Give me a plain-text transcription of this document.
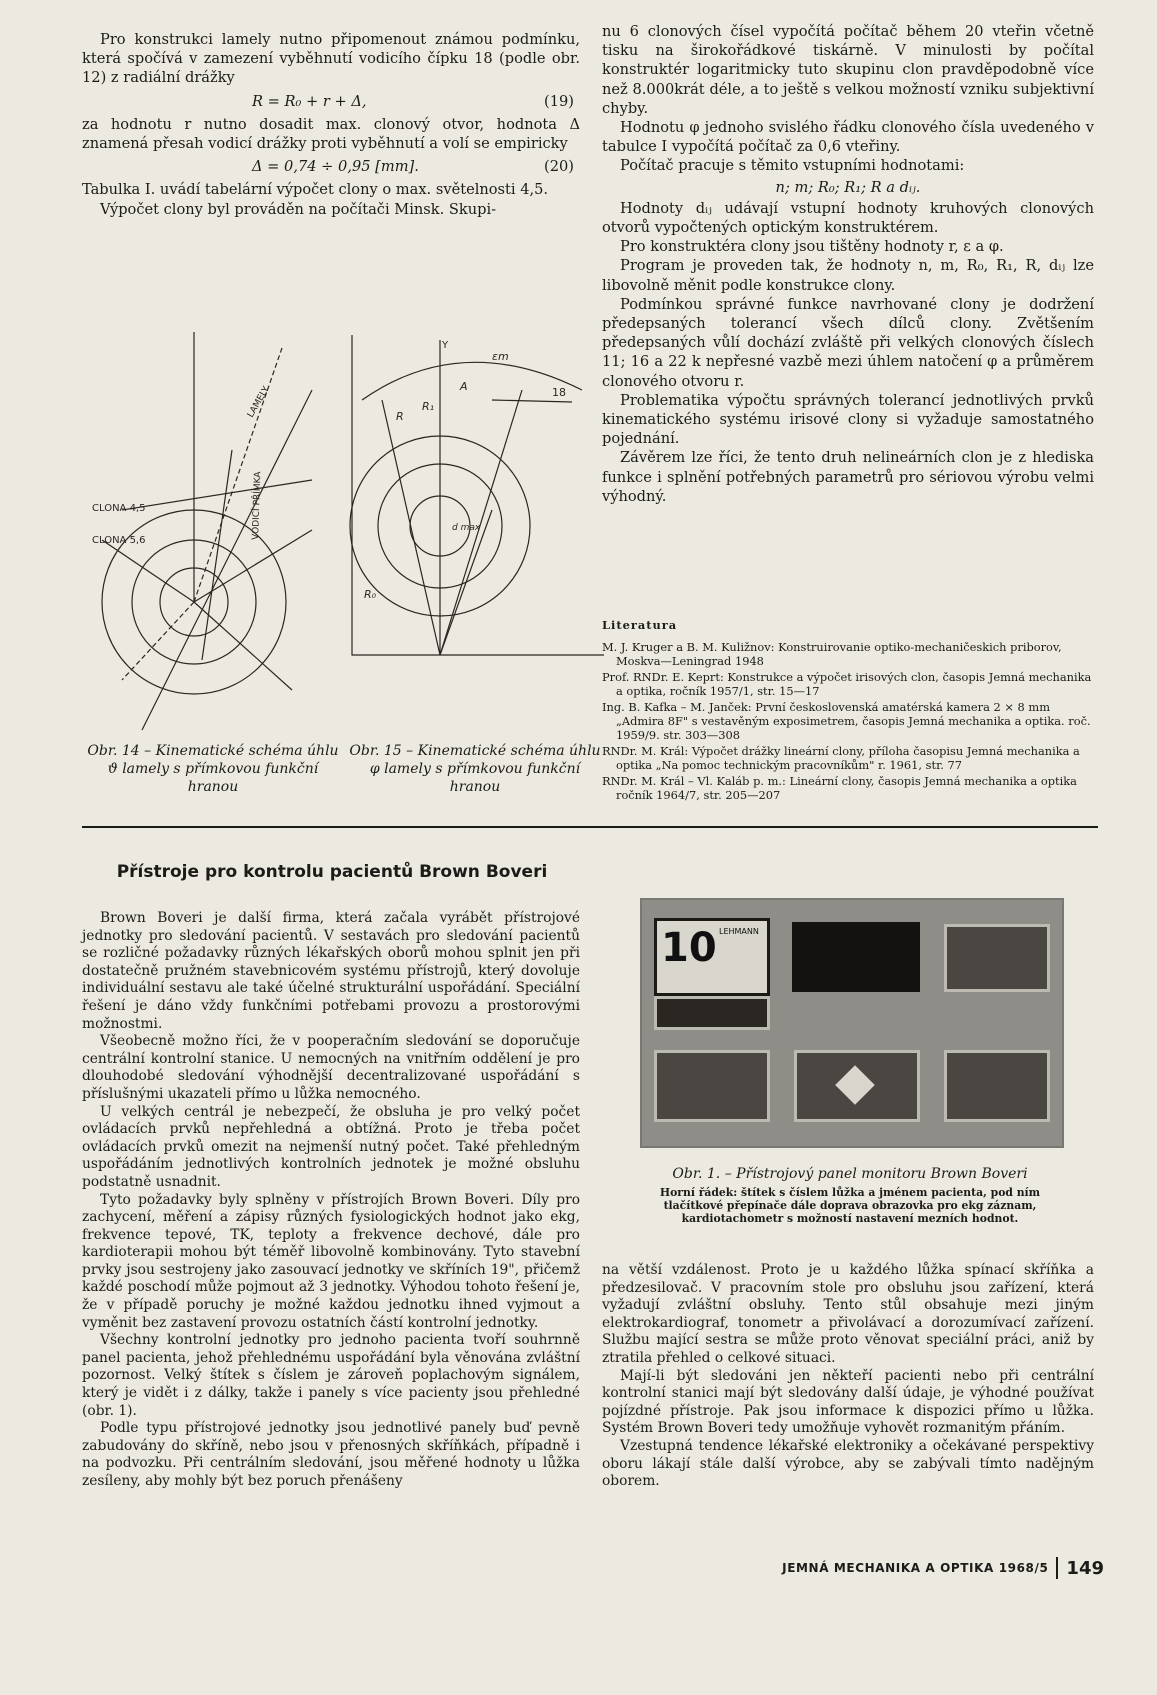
Pro konstrukci lamely nutno připomenout známou podmínku, která spočívá v zamezení vyběhnutí vodicího čípku 18 (podle obr. 12) z radiální drážky

R = R₀ + r + Δ,	(19)

za hodnotu r nutno dosadit max. clonový otvor, hodnota Δ znamená přesah vodicí drážky proti vyběhnutí a volí se empiricky

Δ = 0,74 ÷ 0,95 [mm].	(20)

Tabulka I. uvádí tabelární výpočet clony o max. světelnosti 4,5.

Výpočet clony byl prováděn na počítači Minsk. Skupi-

CLONA 4,5
CLONA 5,6
VODICÍ PŘÍMKA
LAMELY
Y
18
εm
R₀
R
R₁
A
d max
Obr. 14 – Kinematické schéma úhlu ϑ lamely s přímkovou funkční hranou
Obr. 15 – Kinematické schéma úhlu φ lamely s přímkovou funkční hranou

nu 6 clonových čísel vypočítá počítač během 20 vteřin včetně tisku na širokořádkové tiskárně. V minulosti by počítal konstruktér logaritmicky tuto skupinu clon pravděpodobně více než 8.000krát déle, a to ještě s velkou možností vzniku subjektivní chyby.

Hodnotu φ jednoho svislého řádku clonového čísla uvedeného v tabulce I vypočítá počítač za 0,6 vteřiny.

Počítač pracuje s těmito vstupními hodnotami:

n; m; R₀; R₁; R a dᵢⱼ.

Hodnoty dᵢⱼ udávají vstupní hodnoty kruhových clonových otvorů vypočtených optickým konstruktérem.

Pro konstruktéra clony jsou tištěny hodnoty r, ε a φ.

Program je proveden tak, že hodnoty n, m, R₀, R₁, R, dᵢⱼ lze libovolně měnit podle konstrukce clony.

Podmínkou správné funkce navrhované clony je dodržení předepsaných tolerancí všech dílců clony. Zvětšením předepsaných vůlí dochází zvláště při velkých clonových číslech 11; 16 a 22 k nepřesné vazbě mezi úhlem natočení φ a průměrem clonového otvoru r.

Problematika výpočtu správných tolerancí jednotlivých prvků kinematického systému irisové clony si vyžaduje samostatného pojednání.

Závěrem lze říci, že tento druh nelineárních clon je z hlediska funkce i splnění potřebných parametrů pro sériovou výrobu velmi výhodný.

Literatura

M. J. Kruger a B. M. Kuližnov: Konstruirovanie optiko-mechaničeskich priborov, Moskva—Leningrad 1948

Prof. RNDr. E. Keprt: Konstrukce a výpočet irisových clon, časopis Jemná mechanika a optika, ročník 1957/1, str. 15—17

Ing. B. Kafka – M. Janček: První československá amatérská kamera 2 × 8 mm „Admira 8F" s vestavěným exposimetrem, časopis Jemná mechanika a optika. roč. 1959/9. str. 303—308

RNDr. M. Král: Výpočet drážky lineární clony, příloha časopisu Jemná mechanika a optika „Na pomoc technickým pracovníkům" r. 1961, str. 77

RNDr. M. Král – Vl. Kaláb p. m.: Lineární clony, časopis Jemná mechanika a optika ročník 1964/7, str. 205—207

Přístroje pro kontrolu pacientů Brown Boveri

Brown Boveri je další firma, která začala vyrábět přístrojové jednotky pro sledování pacientů. V sestavách pro sledování pacientů se rozličné požadavky různých lékařských oborů mohou splnit jen při dostatečně pružném stavebnicovém systému přístrojů, který dovoluje individuální sestavu ale také účelné strukturální uspořádání. Speciální řešení je dáno vždy funkčními potřebami provozu a prostorovými možnostmi.

Všeobecně možno říci, že v pooperačním sledování se doporučuje centrální kontrolní stanice. U nemocných na vnitřním oddělení je pro dlouhodobé sledování výhodnější decentralizované uspořádání s příslušnými ukazateli přímo u lůžka nemocného.

U velkých centrál je nebezpečí, že obsluha je pro velký počet ovládacích prvků nepřehledná a obtížná. Proto je třeba počet ovládacích prvků omezit na nejmenší nutný počet. Také přehledným uspořádáním jednotlivých kontrolních jednotek je možné obsluhu podstatně usnadnit.

Tyto požadavky byly splněny v přístrojích Brown Boveri. Díly pro zachycení, měření a zápisy různých fysiologických hodnot jako ekg, frekvence tepové, TK, teploty a frekvence dechové, dále pro kardioterapii mohou být téměř libovolně kombinovány. Tyto stavební prvky jsou sestrojeny jako zasouvací jednotky ve skříních 19", přičemž každé poschodí může pojmout až 3 jednotky. Výhodou tohoto řešení je, že v případě poruchy je možné každou jednotku ihned vyjmout a vyměnit bez zastavení provozu ostatních částí kontrolní jednotky.

Všechny kontrolní jednotky pro jednoho pacienta tvoří souhrnně panel pacienta, jehož přehlednému uspořádání byla věnována zvláštní pozornost. Velký štítek s číslem je zároveň poplachovým signálem, který je vidět i z dálky, takže i panely s více pacienty jsou přehledné (obr. 1).

Podle typu přístrojové jednotky jsou jednotlivé panely buď pevně zabudovány do skříně, nebo jsou v přenosných skříňkách, případně i na podvozku. Při centrálním sledování, jsou měřené hodnoty u lůžka zesíleny, aby mohly být bez poruch přenášeny

10 LEHMANN
Obr. 1. – Přístrojový panel monitoru Brown Boveri
Horní řádek: štítek s číslem lůžka a jménem pacienta, pod ním tlačítkové přepínače dále doprava obrazovka pro ekg záznam, kardiotachometr s možností nastavení mezních hodnot.

na větší vzdálenost. Proto je u každého lůžka spínací skříňka a předzesilovač. V pracovním stole pro obsluhu jsou zařízení, která vyžadují zvláštní obsluhy. Tento stůl obsahuje mezi jiným elektrokardiograf, tonometr a přivolávací a dorozumívací zařízení. Službu mající sestra se může proto věnovat speciální práci, aniž by ztratila přehled o celkové situaci.

Mají-li být sledováni jen někteří pacienti nebo při centrální kontrolní stanici mají být sledovány další údaje, je výhodné používat pojízdné přístroje. Pak jsou informace k dispozici přímo u lůžka. Systém Brown Boveri tedy umožňuje vyhovět rozmanitým přáním.

Vzestupná tendence lékařské elektroniky a očekávané perspektivy oboru lákají stále další výrobce, aby se zabývali tímto nadějným oborem.

JEMNÁ MECHANIKA A OPTIKA 1968/5	149
